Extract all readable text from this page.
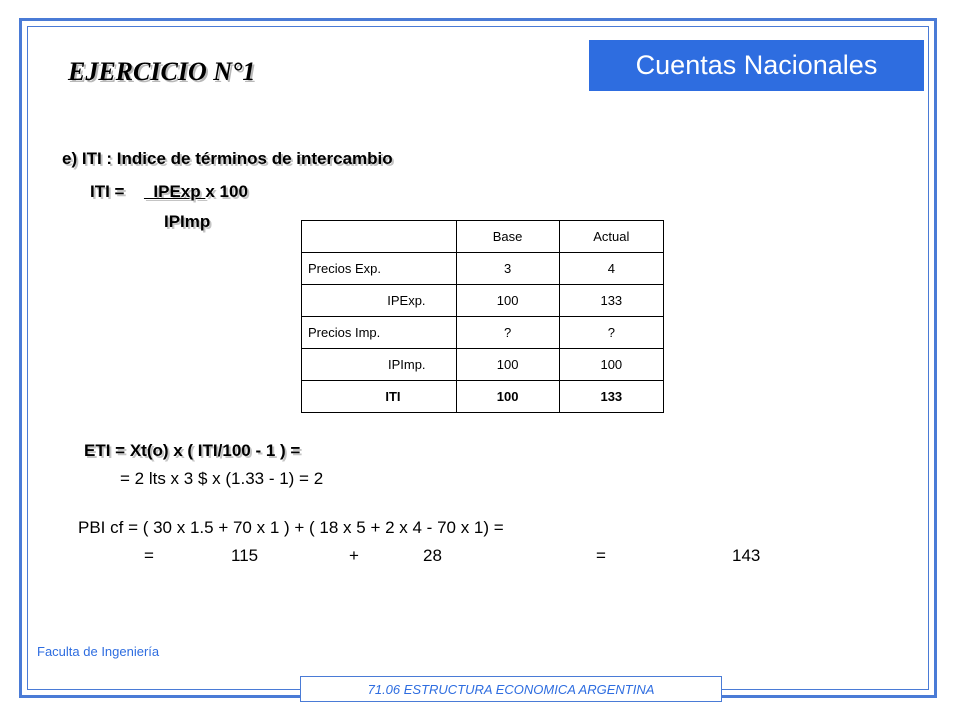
Cuentas Nacionales
EJERCICIO N°1
e) ITI : Indice de términos de intercambio
ITI =    IPExp x 100
IPImp
	Base	Actual
Precios Exp.	3	4
IPExp.	100	133
Precios Imp.	?	?
IPImp.	100	100
ITI	100	133
ETI = Xt(o) x ( ITI/100 - 1 ) =
= 2 lts x 3 $ x (1.33 - 1) = 2
PBI cf = ( 30 x 1.5 + 70 x 1 ) + ( 18 x 5 + 2 x 4 - 70 x 1) =
=	115	+	28	=	143
Faculta de Ingeniería
71.06 ESTRUCTURA ECONOMICA ARGENTINA
